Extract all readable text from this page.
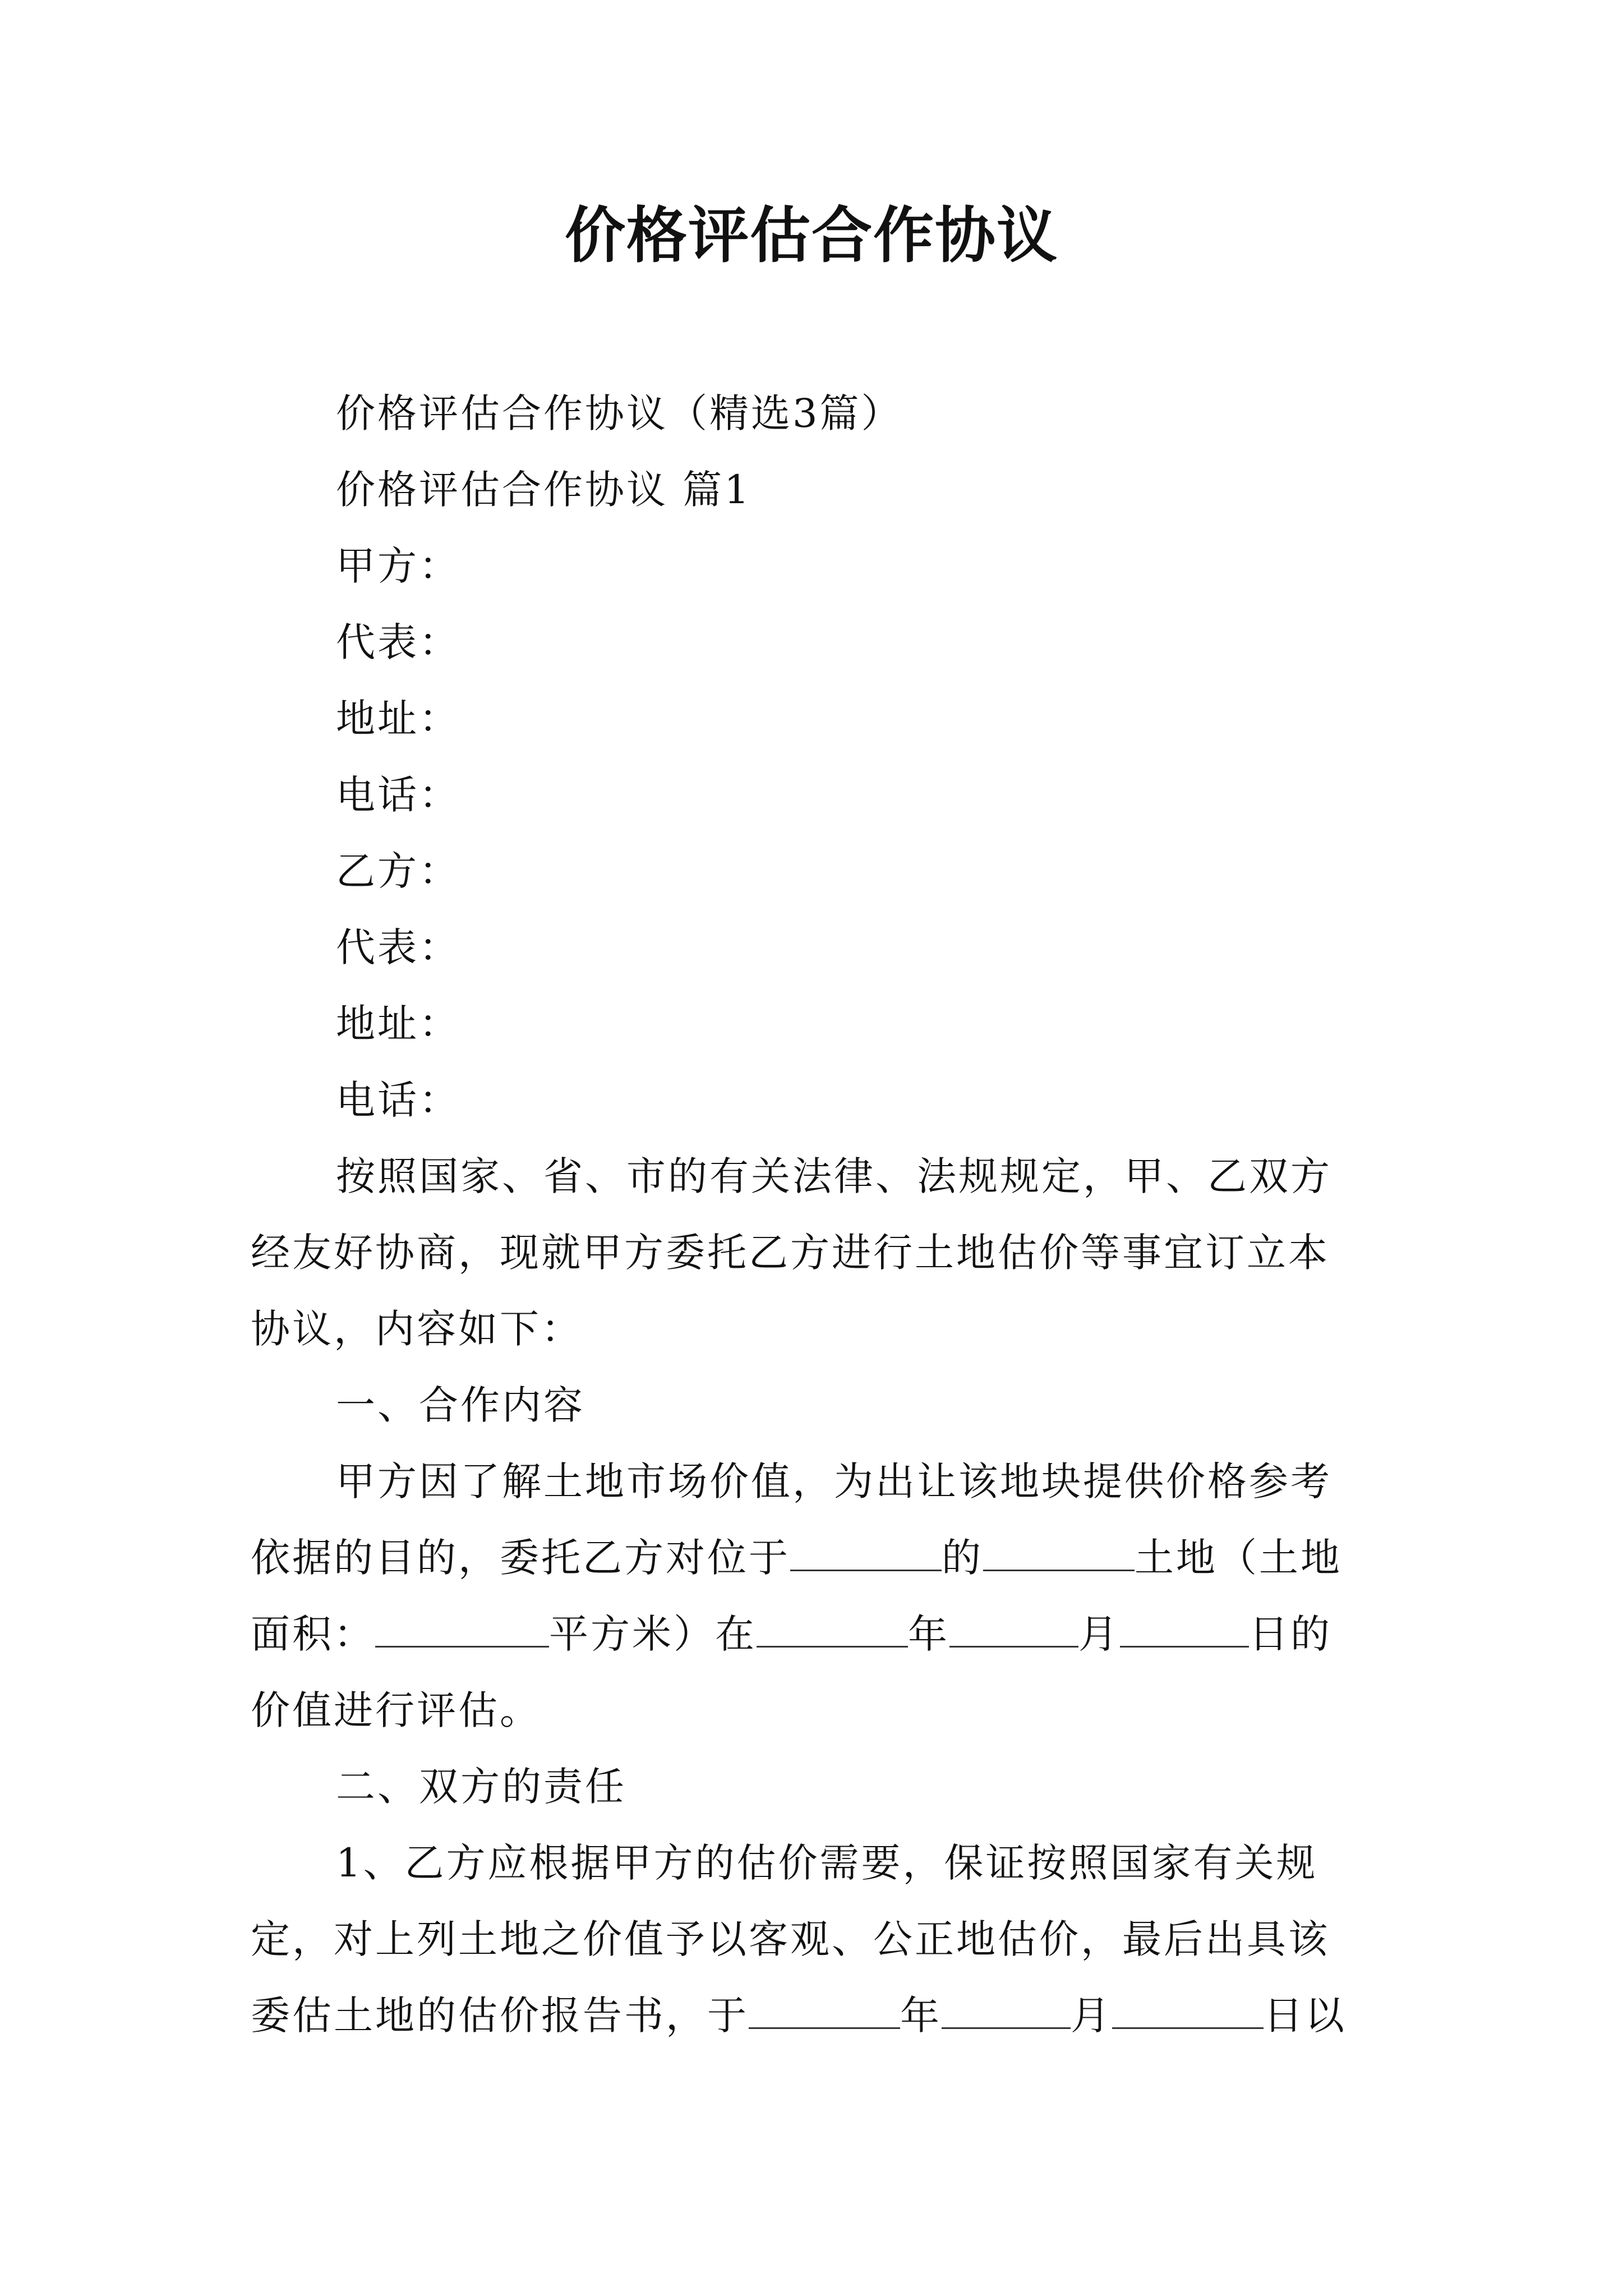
价格评估合作协议
价格评估合作协议（精选3篇）
价格评估合作协议 篇1
甲方：
代表：
地址：
电话：
乙方：
代表：
地址：
电话：
按照国家、省、市的有关法律、法规规定，甲、乙双方
经友好协商，现就甲方委托乙方进行土地估价等事宜订立本
协议，内容如下：
一、合作内容
甲方因了解土地市场价值，为出让该地块提供价格参考
依据的目的，委托乙方对位于	的	土地（土地
面积：	平方米）在	年	月	日的
价值进行评估。
二、双方的责任
1、乙方应根据甲方的估价需要，保证按照国家有关规
定，对上列土地之价值予以客观、公正地估价，最后出具该
委估土地的估价报告书，于	年	月	日以
